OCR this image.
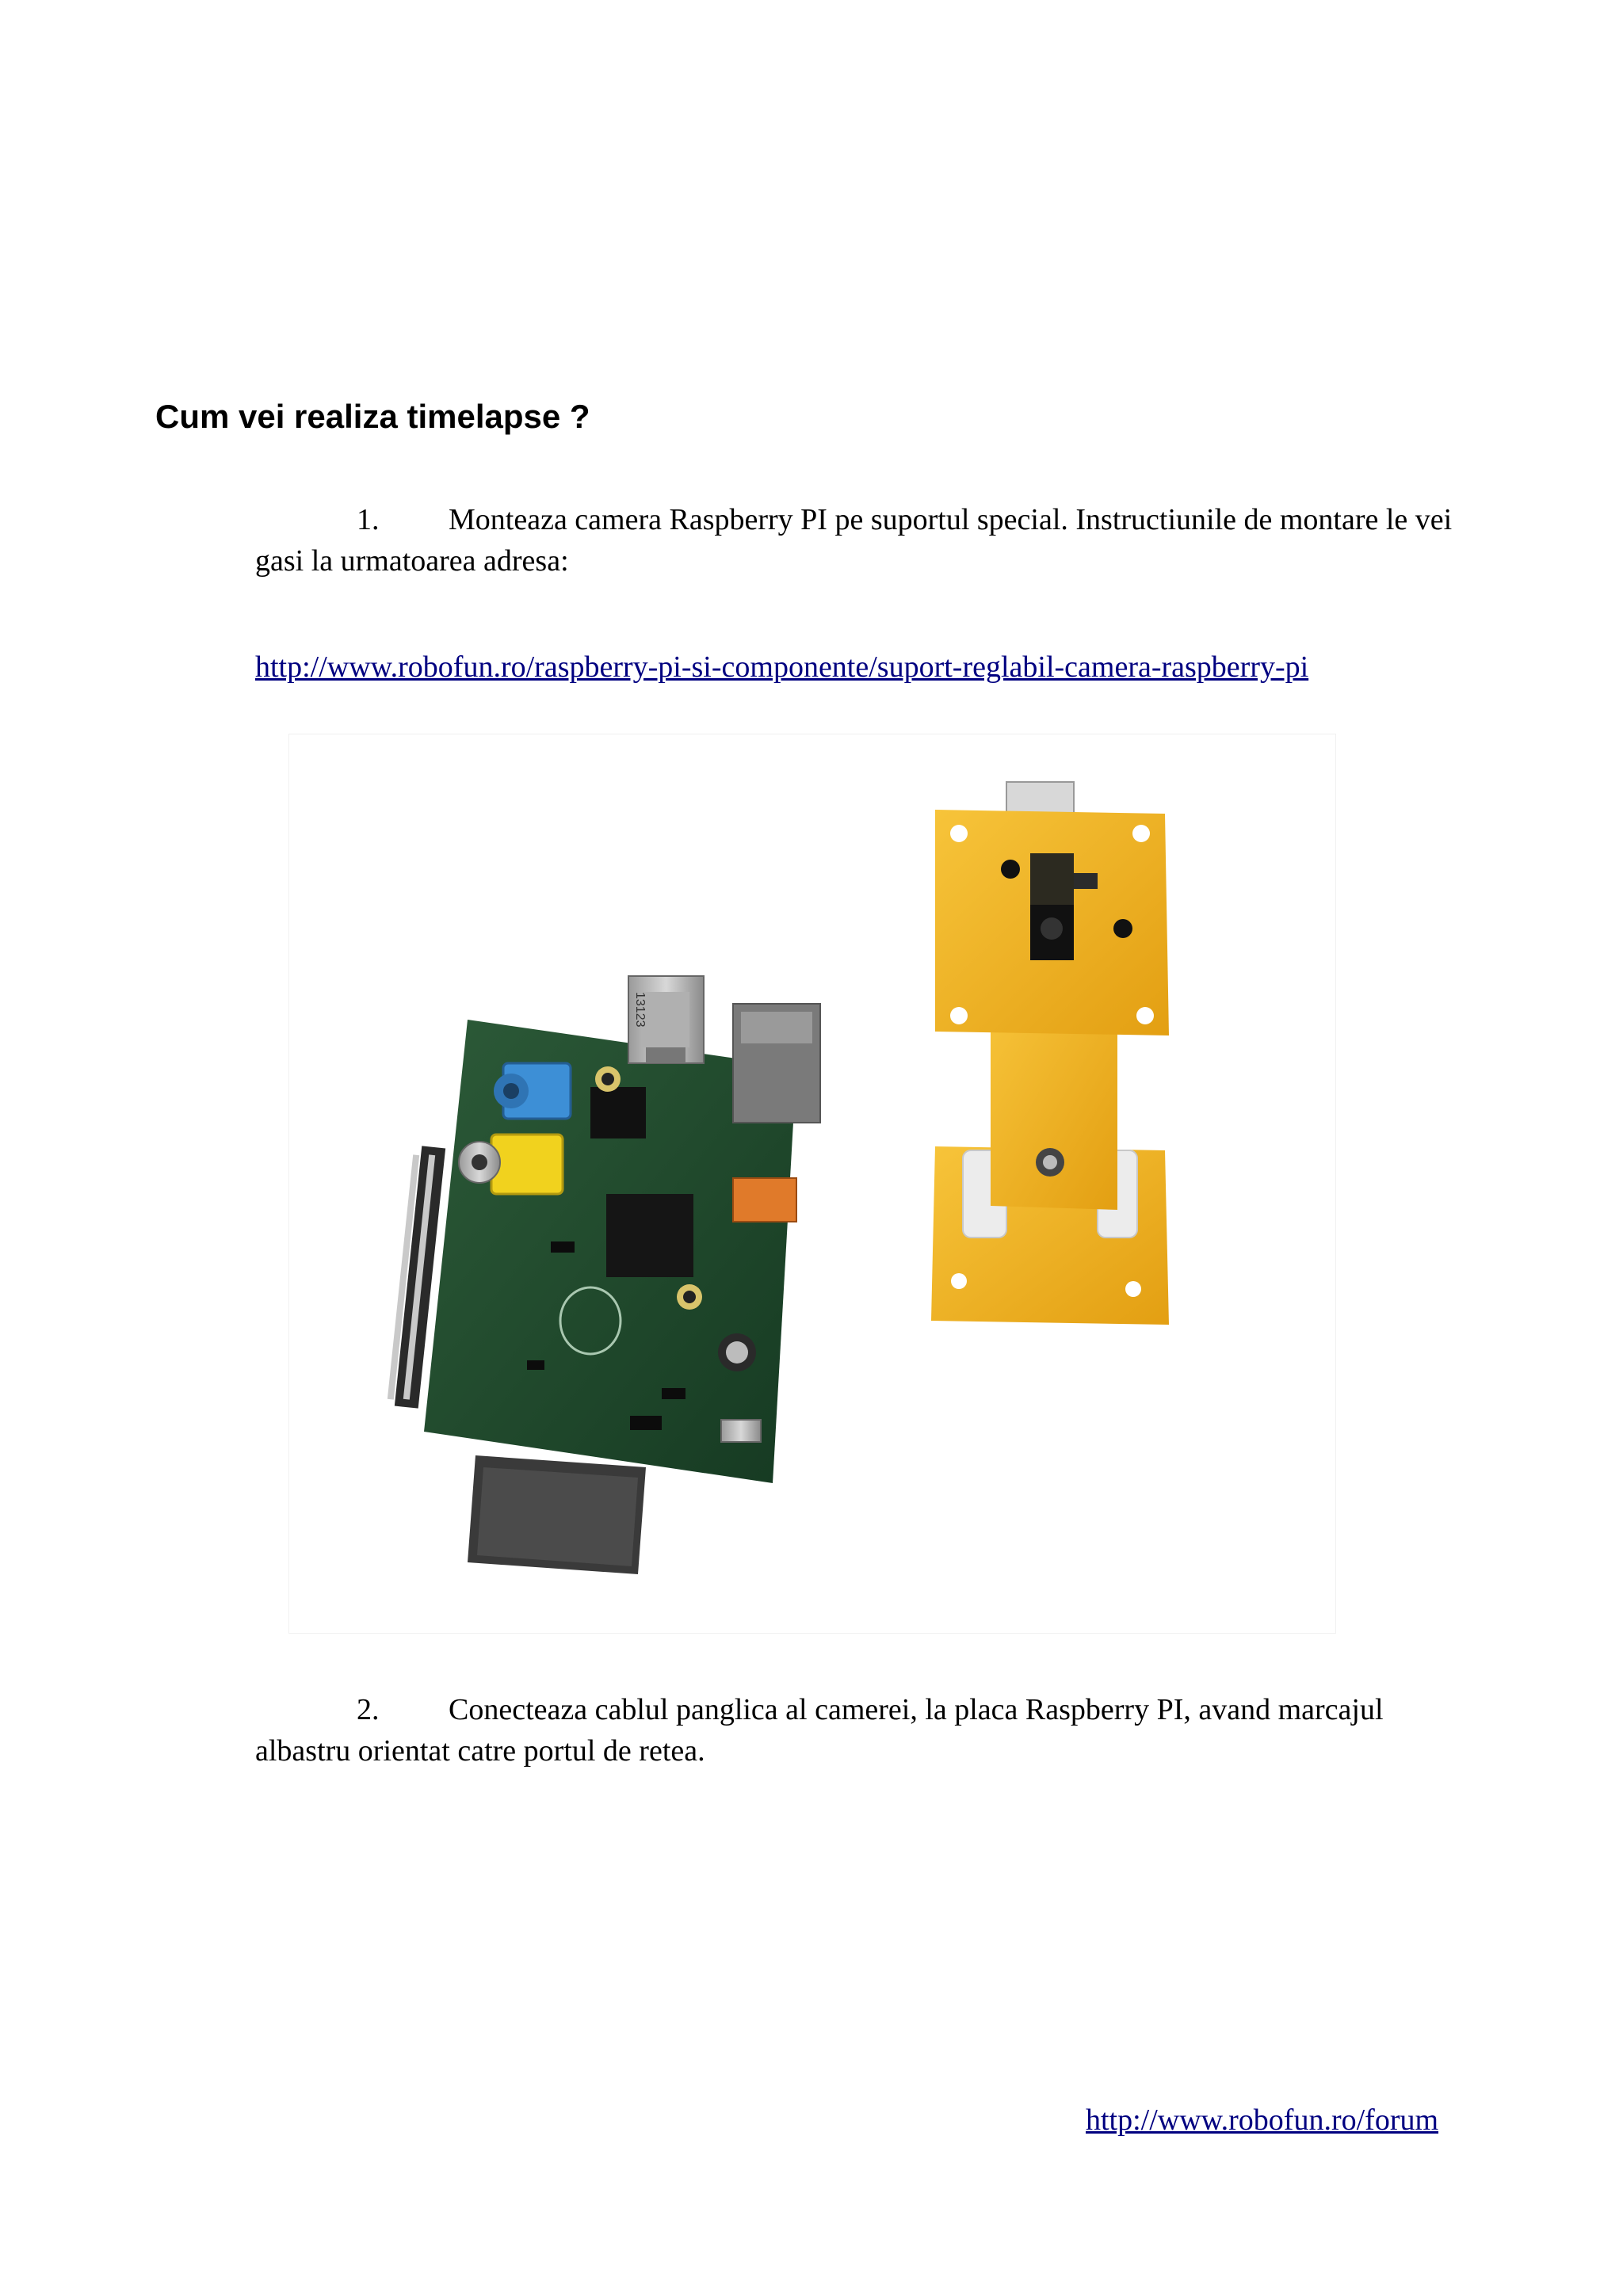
Cum vei realiza timelapse ?

1. Monteaza camera Raspberry PI pe suportul special. Instructiunile de montare le vei gasi la urmatoarea adresa:

http://www.robofun.ro/raspberry-pi-si-componente/suport-reglabil-camera-raspberry-pi
13123

2. Conecteaza cablul panglica al camerei, la placa Raspberry PI, avand marcajul albastru orientat catre portul de retea.

http://www.robofun.ro/forum
